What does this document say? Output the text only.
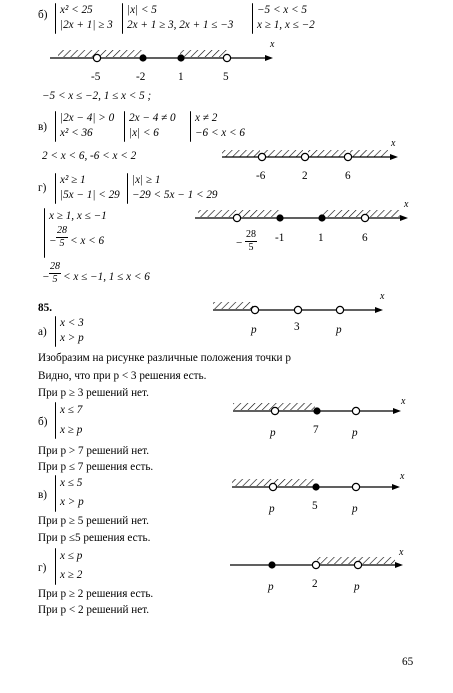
б) x² < 25
|2x + 1| ≥ 3
|x| < 5
2x + 1 ≥ 3, 2x + 1 ≤ −3
−5 < x < 5
x ≥ 1, x ≤ −2
x
-5	-2	1	5
−5 < x ≤ −2, 1 ≤ x < 5 ;
в)
|2x − 4| > 0
x² < 36
2x − 4 ≠ 0
|x| < 6
x ≠ 2
−6 < x < 6
2 < x < 6, -6 < x < 2
x
-6	2	6
г)
x² ≥ 1
|5x − 1| < 29
|x| ≥ 1
−29 < 5x − 1 < 29
x ≥ 1, x ≤ −1
− $\frac{28}{5} < x < 6$
x
− $\frac{28}{5} -1$	1	6
− $\frac{28}{5} < x \le -1$, 1 ≤ x < 6
85.
а)
x < 3
x > p
x
p	3	p
Изобразим на рисунке различные положения точки p
Видно, что при p < 3 решения есть.
При p ≥ 3 решений нет.
б)
x ≤ 7
x ≥ p
x
p	7	p
При p > 7 решений нет.
При p ≤ 7 решения есть.
в)
x ≤ 5
x > p
x
p	5	p
При p ≥ 5 решений нет.
При p ≤5 решения есть.
г)
x ≤ p
x ≥ 2
x
p	2	p
При p ≥ 2 решения есть.
При p < 2 решений нет.
65
